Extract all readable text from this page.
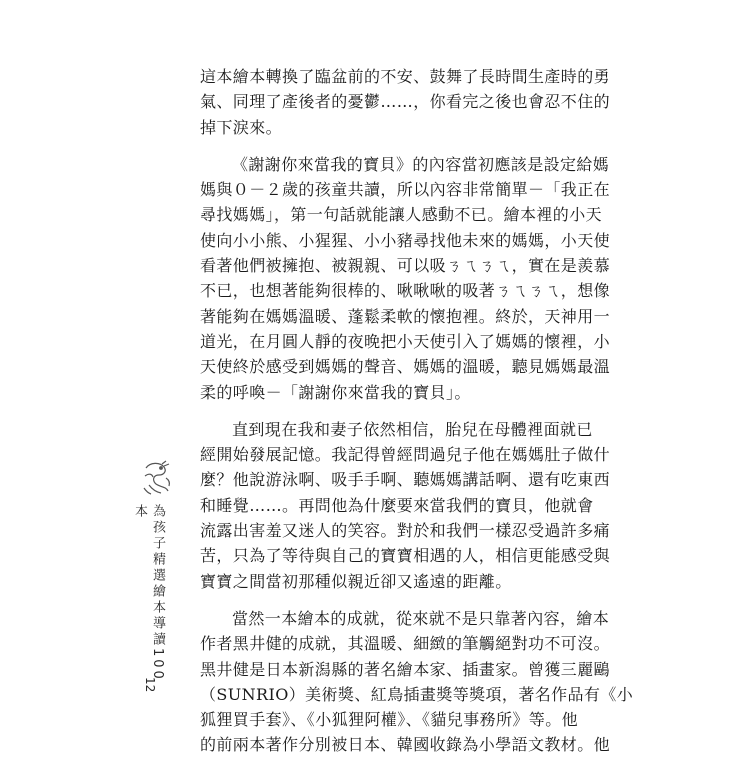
為孩子精選繪本導讀100本
12
這本繪本轉換了臨盆前的不安、鼓舞了長時間生產時的勇
氣、同理了產後者的憂鬱……，你看完之後也會忍不住的
掉下淚來。
《謝謝你來當我的寶貝》的內容當初應該是設定給媽
媽與０－２歲的孩童共讀，所以內容非常簡單－「我正在
尋找媽媽」，第一句話就能讓人感動不已。繪本裡的小天
使向小小熊、小猩猩、小小豬尋找他未來的媽媽，小天使
看著他們被擁抱、被親親、可以吸ㄋㄟㄋㄟ，實在是羨慕
不已，也想著能夠很棒的、啾啾啾的吸著ㄋㄟㄋㄟ，想像
著能夠在媽媽溫暖、蓬鬆柔軟的懷抱裡。終於，天神用一
道光，在月圓人靜的夜晚把小天使引入了媽媽的懷裡，小
天使終於感受到媽媽的聲音、媽媽的溫暖，聽見媽媽最溫
柔的呼喚－「謝謝你來當我的寶貝」。
直到現在我和妻子依然相信，胎兒在母體裡面就已
經開始發展記憶。我記得曾經問過兒子他在媽媽肚子做什
麼？他說游泳啊、吸手手啊、聽媽媽講話啊、還有吃東西
和睡覺……。再問他為什麼要來當我們的寶貝，他就會
流露出害羞又迷人的笑容。對於和我們一樣忍受過許多痛
苦，只為了等待與自己的寶寶相遇的人，相信更能感受與
寶寶之間當初那種似親近卻又遙遠的距離。
當然一本繪本的成就，從來就不是只靠著內容，繪本
作者黑井健的成就，其溫暖、細緻的筆觸絕對功不可沒。
黑井健是日本新潟縣的著名繪本家、插畫家。曾獲三麗鷗
（SUNRIO）美術獎、紅鳥插畫獎等獎項，著名作品有《小
狐狸買手套》、《小狐狸阿權》、《貓兒事務所》等。他
的前兩本著作分別被日本、韓國收錄為小學語文教材。他
